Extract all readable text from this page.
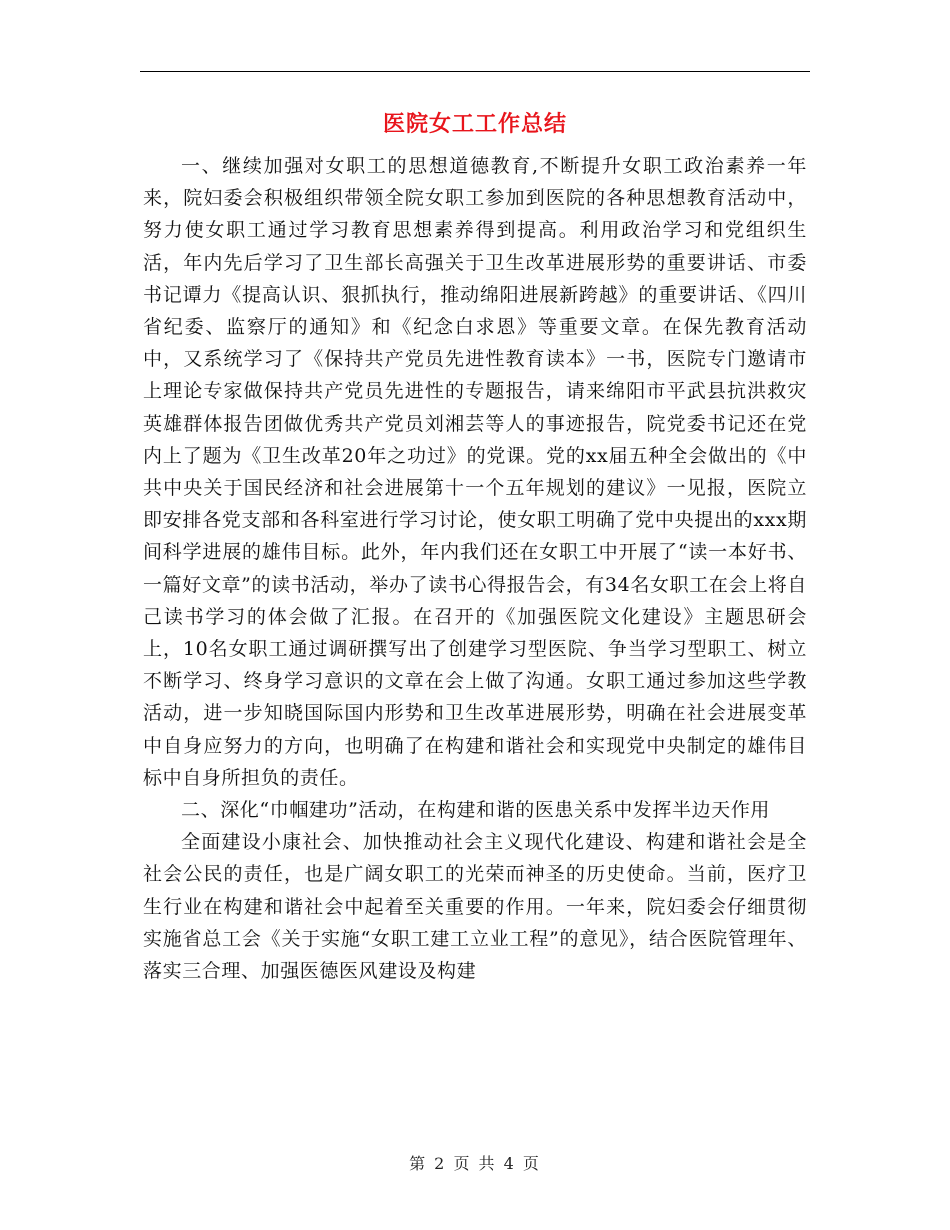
医院女工工作总结

一、继续加强对女职工的思想道德教育,不断提升女职工政治素养一年来，院妇委会积极组织带领全院女职工参加到医院的各种思想教育活动中，努力使女职工通过学习教育思想素养得到提高。利用政治学习和党组织生活，年内先后学习了卫生部长高强关于卫生改革进展形势的重要讲话、市委书记谭力《提高认识、狠抓执行，推动绵阳进展新跨越》的重要讲话、《四川省纪委、监察厅的通知》和《纪念白求恩》等重要文章。在保先教育活动中，又系统学习了《保持共产党员先进性教育读本》一书，医院专门邀请市上理论专家做保持共产党员先进性的专题报告，请来绵阳市平武县抗洪救灾英雄群体报告团做优秀共产党员刘湘芸等人的事迹报告，院党委书记还在党内上了题为《卫生改革20年之功过》的党课。党的xx届五种全会做出的《中共中央关于国民经济和社会进展第十一个五年规划的建议》一见报，医院立即安排各党支部和各科室进行学习讨论，使女职工明确了党中央提出的xxx期间科学进展的雄伟目标。此外，年内我们还在女职工中开展了“读一本好书、一篇好文章”的读书活动，举办了读书心得报告会，有34名女职工在会上将自己读书学习的体会做了汇报。在召开的《加强医院文化建设》主题思研会上，10名女职工通过调研撰写出了创建学习型医院、争当学习型职工、树立不断学习、终身学习意识的文章在会上做了沟通。女职工通过参加这些学教活动，进一步知晓国际国内形势和卫生改革进展形势，明确在社会进展变革中自身应努力的方向，也明确了在构建和谐社会和实现党中央制定的雄伟目标中自身所担负的责任。

二、深化“巾帼建功”活动，在构建和谐的医患关系中发挥半边天作用

全面建设小康社会、加快推动社会主义现代化建设、构建和谐社会是全社会公民的责任，也是广阔女职工的光荣而神圣的历史使命。当前，医疗卫生行业在构建和谐社会中起着至关重要的作用。一年来，院妇委会仔细贯彻实施省总工会《关于实施“女职工建工立业工程”的意见》，结合医院管理年、落实三合理、加强医德医风建设及构建

第 2 页 共 4 页
